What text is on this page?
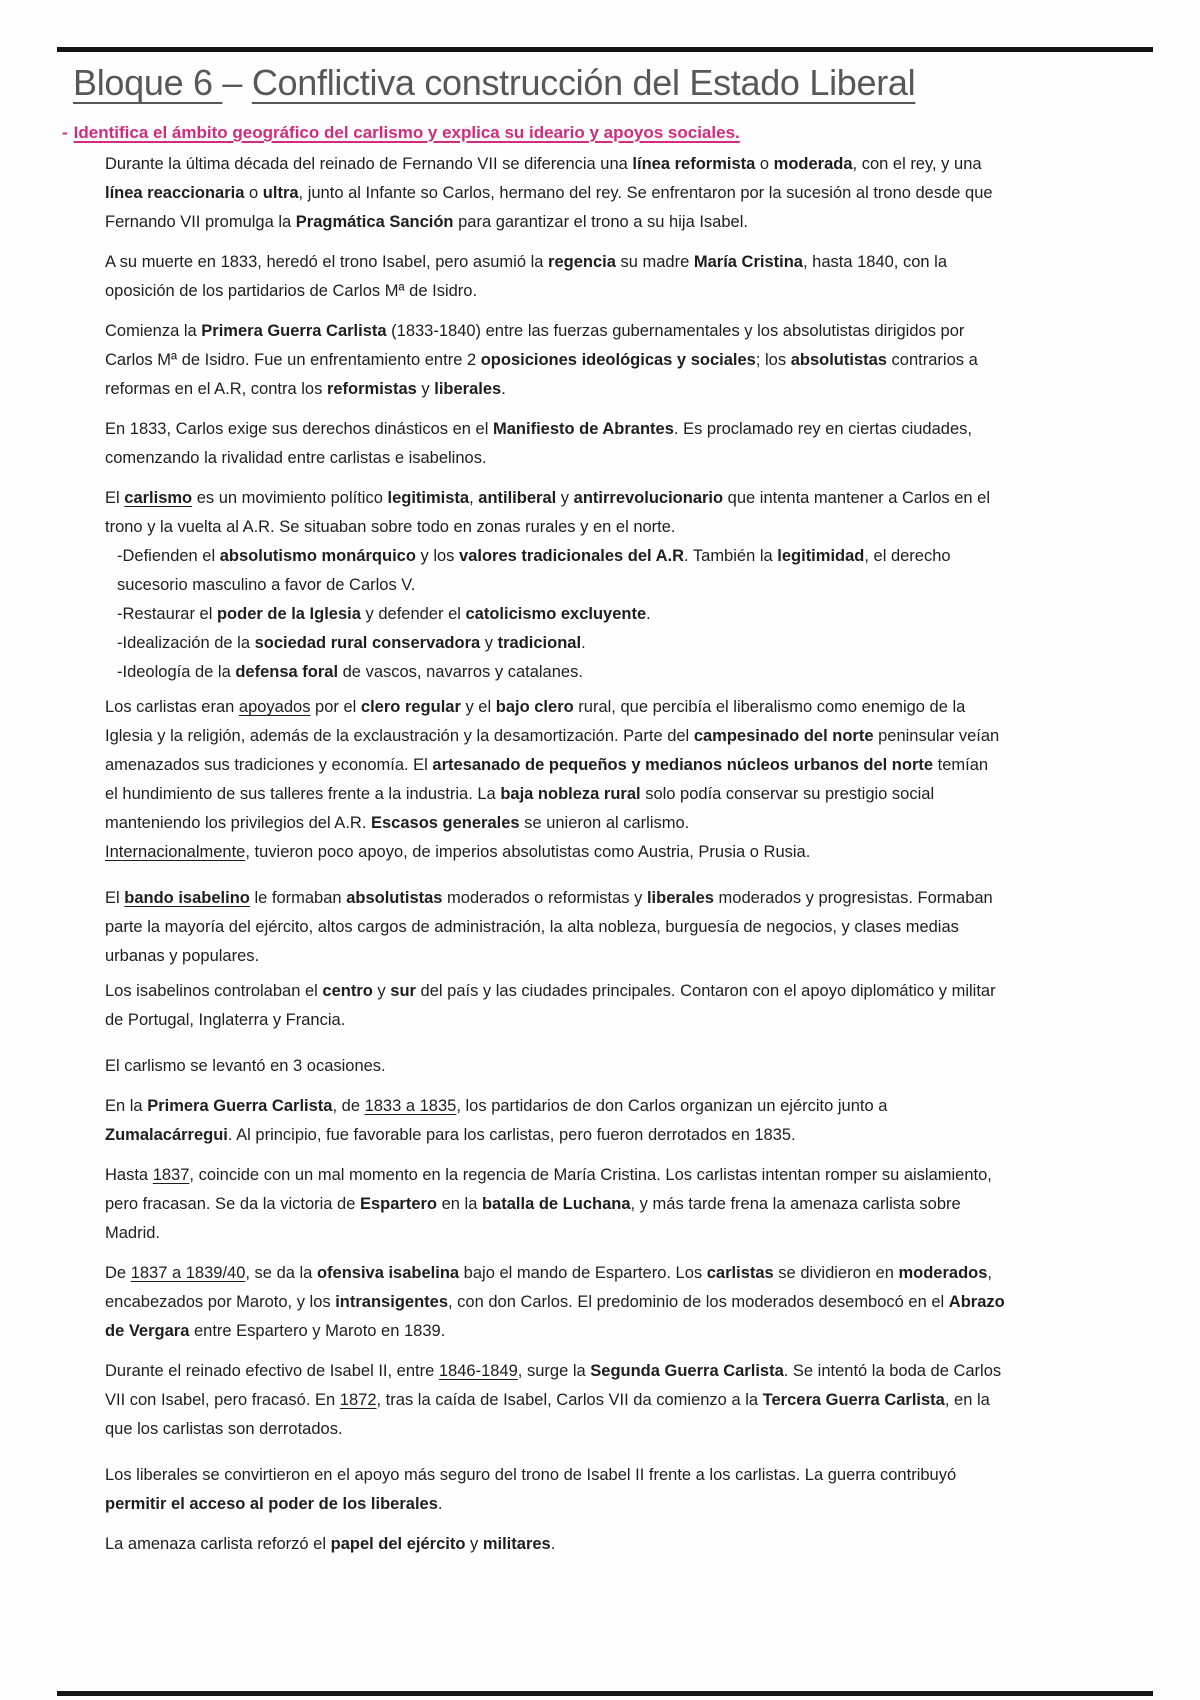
Bloque 6 – Conflictiva construcción del Estado Liberal
- Identifica el ámbito geográfico del carlismo y explica su ideario y apoyos sociales.

Durante la última década del reinado de Fernando VII se diferencia una línea reformista o moderada, con el rey, y una línea reaccionaria o ultra, junto al Infante so Carlos, hermano del rey. Se enfrentaron por la sucesión al trono desde que Fernando VII promulga la Pragmática Sanción para garantizar el trono a su hija Isabel.

A su muerte en 1833, heredó el trono Isabel, pero asumió la regencia su madre María Cristina, hasta 1840, con la oposición de los partidarios de Carlos Mª de Isidro.

Comienza la Primera Guerra Carlista (1833-1840) entre las fuerzas gubernamentales y los absolutistas dirigidos por Carlos Mª de Isidro. Fue un enfrentamiento entre 2 oposiciones ideológicas y sociales; los absolutistas contrarios a reformas en el A.R, contra los reformistas y liberales.

En 1833, Carlos exige sus derechos dinásticos en el Manifiesto de Abrantes. Es proclamado rey en ciertas ciudades, comenzando la rivalidad entre carlistas e isabelinos.

El carlismo es un movimiento político legitimista, antiliberal y antirrevolucionario que intenta mantener a Carlos en el trono y la vuelta al A.R. Se situaban sobre todo en zonas rurales y en el norte.

-Defienden el absolutismo monárquico y los valores tradicionales del A.R. También la legitimidad, el derecho sucesorio masculino a favor de Carlos V.

-Restaurar el poder de la Iglesia y defender el catolicismo excluyente.

-Idealización de la sociedad rural conservadora y tradicional.

-Ideología de la defensa foral de vascos, navarros y catalanes.

Los carlistas eran apoyados por el clero regular y el bajo clero rural, que percibía el liberalismo como enemigo de la Iglesia y la religión, además de la exclaustración y la desamortización. Parte del campesinado del norte peninsular veían amenazados sus tradiciones y economía. El artesanado de pequeños y medianos núcleos urbanos del norte temían el hundimiento de sus talleres frente a la industria. La baja nobleza rural solo podía conservar su prestigio social manteniendo los privilegios del A.R. Escasos generales se unieron al carlismo.

Internacionalmente, tuvieron poco apoyo, de imperios absolutistas como Austria, Prusia o Rusia.

El bando isabelino le formaban absolutistas moderados o reformistas y liberales moderados y progresistas. Formaban parte la mayoría del ejército, altos cargos de administración, la alta nobleza, burguesía de negocios, y clases medias urbanas y populares.

Los isabelinos controlaban el centro y sur del país y las ciudades principales. Contaron con el apoyo diplomático y militar de Portugal, Inglaterra y Francia.

El carlismo se levantó en 3 ocasiones.

En la Primera Guerra Carlista, de 1833 a 1835, los partidarios de don Carlos organizan un ejército junto a Zumalacárregui. Al principio, fue favorable para los carlistas, pero fueron derrotados en 1835.

Hasta 1837, coincide con un mal momento en la regencia de María Cristina. Los carlistas intentan romper su aislamiento, pero fracasan. Se da la victoria de Espartero en la batalla de Luchana, y más tarde frena la amenaza carlista sobre Madrid.

De 1837 a 1839/40, se da la ofensiva isabelina bajo el mando de Espartero. Los carlistas se dividieron en moderados, encabezados por Maroto, y los intransigentes, con don Carlos. El predominio de los moderados desembocó en el Abrazo de Vergara entre Espartero y Maroto en 1839.

Durante el reinado efectivo de Isabel II, entre 1846-1849, surge la Segunda Guerra Carlista. Se intentó la boda de Carlos VII con Isabel, pero fracasó. En 1872, tras la caída de Isabel, Carlos VII da comienzo a la Tercera Guerra Carlista, en la que los carlistas son derrotados.

Los liberales se convirtieron en el apoyo más seguro del trono de Isabel II frente a los carlistas. La guerra contribuyó permitir el acceso al poder de los liberales.

La amenaza carlista reforzó el papel del ejército y militares.
